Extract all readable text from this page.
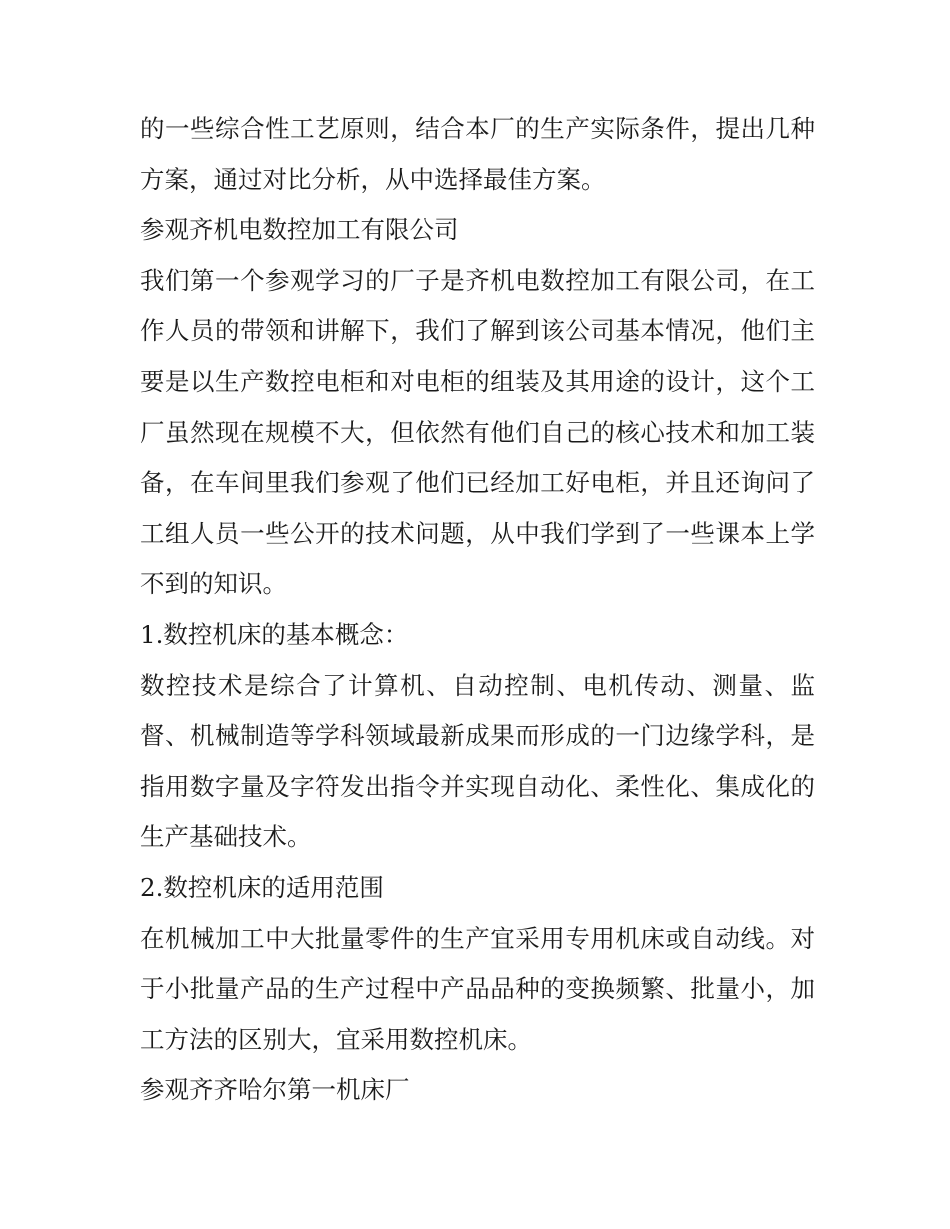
的一些综合性工艺原则，结合本厂的生产实际条件，提出几种方案，通过对比分析，从中选择最佳方案。

参观齐机电数控加工有限公司

我们第一个参观学习的厂子是齐机电数控加工有限公司，在工作人员的带领和讲解下，我们了解到该公司基本情况，他们主要是以生产数控电柜和对电柜的组装及其用途的设计，这个工厂虽然现在规模不大，但依然有他们自己的核心技术和加工装备，在车间里我们参观了他们已经加工好电柜，并且还询问了工组人员一些公开的技术问题，从中我们学到了一些课本上学不到的知识。

1.数控机床的基本概念：

数控技术是综合了计算机、自动控制、电机传动、测量、监督、机械制造等学科领域最新成果而形成的一门边缘学科，是指用数字量及字符发出指令并实现自动化、柔性化、集成化的生产基础技术。

2.数控机床的适用范围

在机械加工中大批量零件的生产宜采用专用机床或自动线。对于小批量产品的生产过程中产品品种的变换频繁、批量小，加工方法的区别大，宜采用数控机床。

参观齐齐哈尔第一机床厂
